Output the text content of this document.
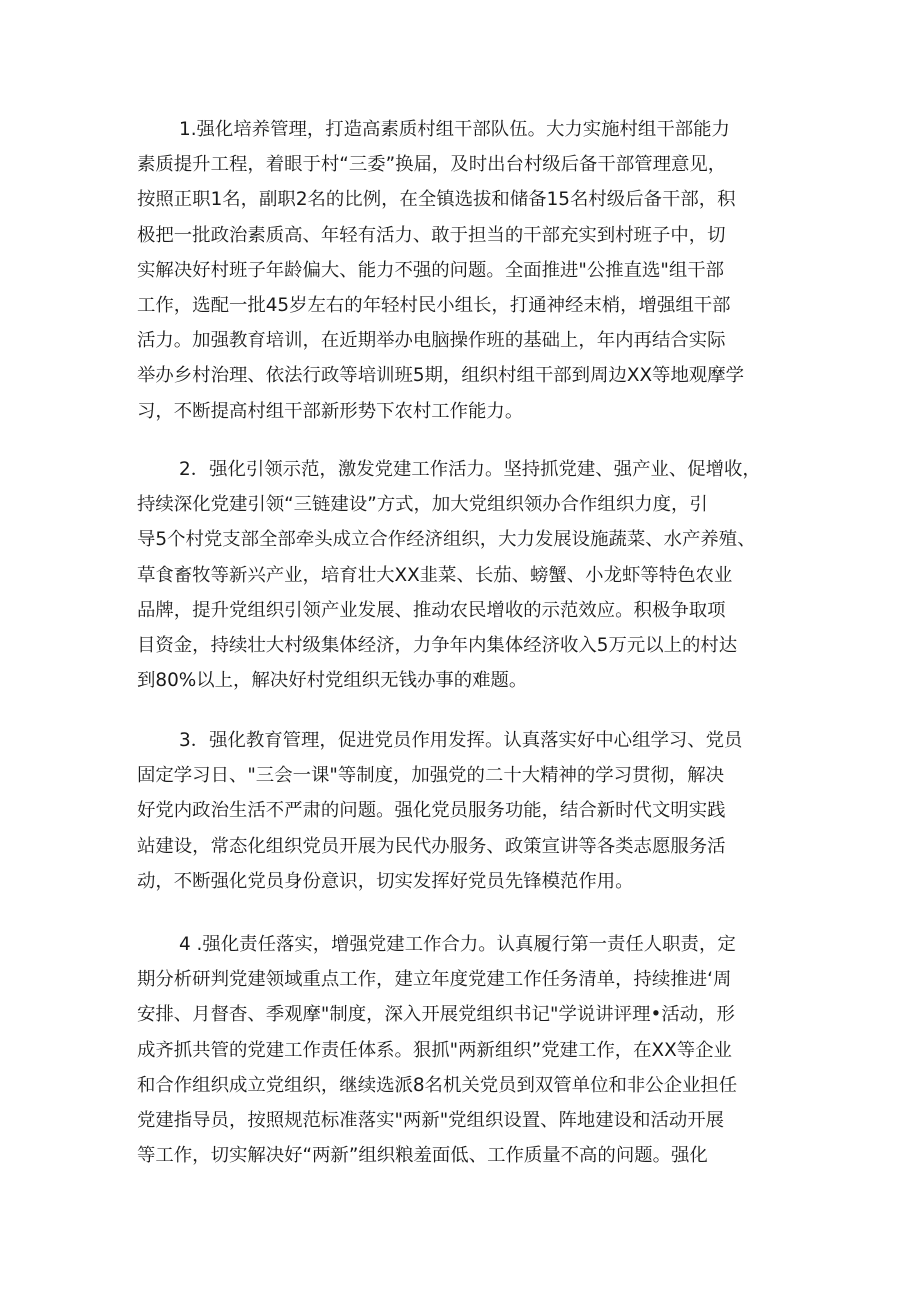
1.强化培养管理，打造高素质村组干部队伍。大力实施村组干部能力
素质提升工程，着眼于村“三委”换届，及时出台村级后备干部管理意见，
按照正职1名，副职2名的比例，在全镇选拔和储备15名村级后备干部，积
极把一批政治素质高、年轻有活力、敢于担当的干部充实到村班子中，切
实解决好村班子年龄偏大、能力不强的问题。全面推进"公推直选"组干部
工作，选配一批45岁左右的年轻村民小组长，打通神经末梢，增强组干部
活力。加强教育培训，在近期举办电脑操作班的基础上，年内再结合实际
举办乡村治理、依法行政等培训班5期，组织村组干部到周边XX等地观摩学
习，不断提高村组干部新形势下农村工作能力。

2．强化引领示范，激发党建工作活力。坚持抓党建、强产业、促增收，
持续深化党建引领“三链建设”方式，加大党组织领办合作组织力度，引
导5个村党支部全部牵头成立合作经济组织，大力发展设施蔬菜、水产养殖、
草食畜牧等新兴产业，培育壮大XX韭菜、长茄、螃蟹、小龙虾等特色农业
品牌，提升党组织引领产业发展、推动农民增收的示范效应。积极争取项
目资金，持续壮大村级集体经济，力争年内集体经济收入5万元以上的村达
到80%以上，解决好村党组织无钱办事的难题。

3．强化教育管理，促进党员作用发挥。认真落实好中心组学习、党员
固定学习日、"三会一课"等制度，加强党的二十大精神的学习贯彻，解决
好党内政治生活不严肃的问题。强化党员服务功能，结合新时代文明实践
站建设，常态化组织党员开展为民代办服务、政策宣讲等各类志愿服务活
动，不断强化党员身份意识，切实发挥好党员先锋模范作用。

4 .强化责任落实，增强党建工作合力。认真履行第一责任人职责，定
期分析研判党建领域重点工作，建立年度党建工作任务清单，持续推进‘周
安排、月督杳、季观摩"制度，深入开展党组织书记"学说讲评理•活动，形
成齐抓共管的党建工作责任体系。狠抓"两新组织”党建工作，在XX等企业
和合作组织成立党组织，继续选派8名机关党员到双管单位和非公企业担任
党建指导员，按照规范标准落实"两新"党组织设置、阵地建设和活动开展
等工作，切实解决好“两新”组织粮羞面低、工作质量不高的问题。强化
